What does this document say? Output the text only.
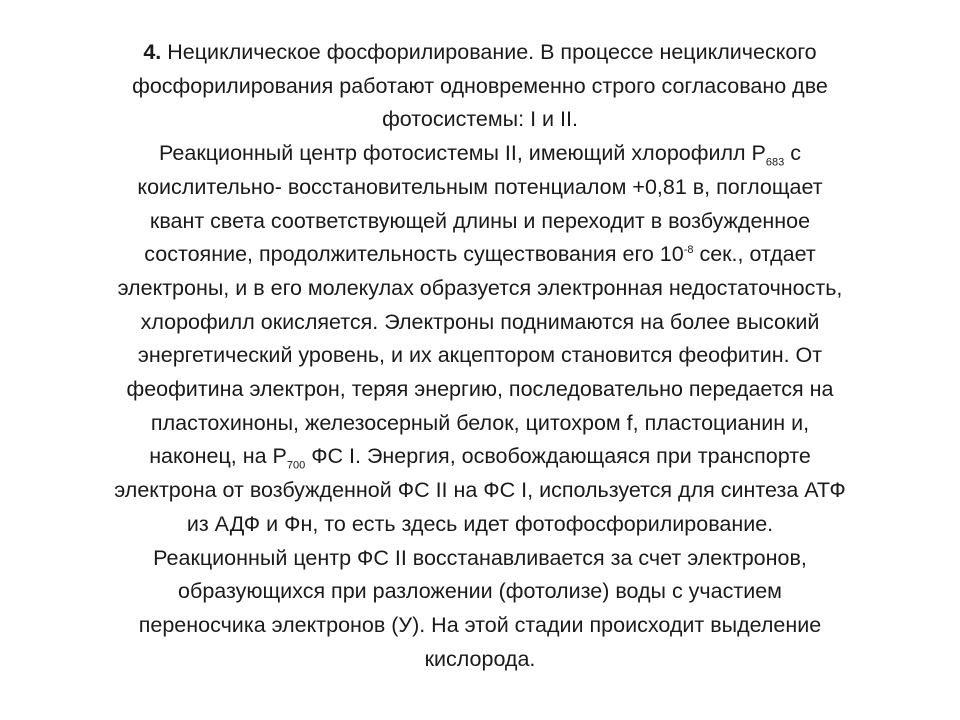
4. Нециклическое фосфорилирование. В процессе нециклического
фосфорилирования работают одновременно строго согласовано две
фотосистемы: I и II.
Реакционный центр фотосистемы II, имеющий хлорофилл $Р_{683}$ с
коислительно- восстановительным потенциалом +0,81 в, поглощает
квант света соответствующей длины и переходит в возбужденное
состояние, продолжительность существования его $10^{-8}$ сек., отдает
электроны, и в его молекулах образуется электронная недостаточность,
хлорофилл окисляется. Электроны поднимаются на более высокий
энергетический уровень, и их акцептором становится феофитин. От
феофитина электрон, теряя энергию, последовательно передается на
пластохиноны, железосерный белок, цитохром f, пластоцианин и,
наконец, на $Р_{700}$ ФС I. Энергия, освобождающаяся при транспорте
электрона от возбужденной ФС II на ФС I, используется для синтеза АТФ
из АДФ и Фн, то есть здесь идет фотофосфорилирование.
Реакционный центр ФС II восстанавливается за счет электронов,
образующихся при разложении (фотолизе) воды с участием
переносчика электронов (У). На этой стадии происходит выделение
кислорода.
